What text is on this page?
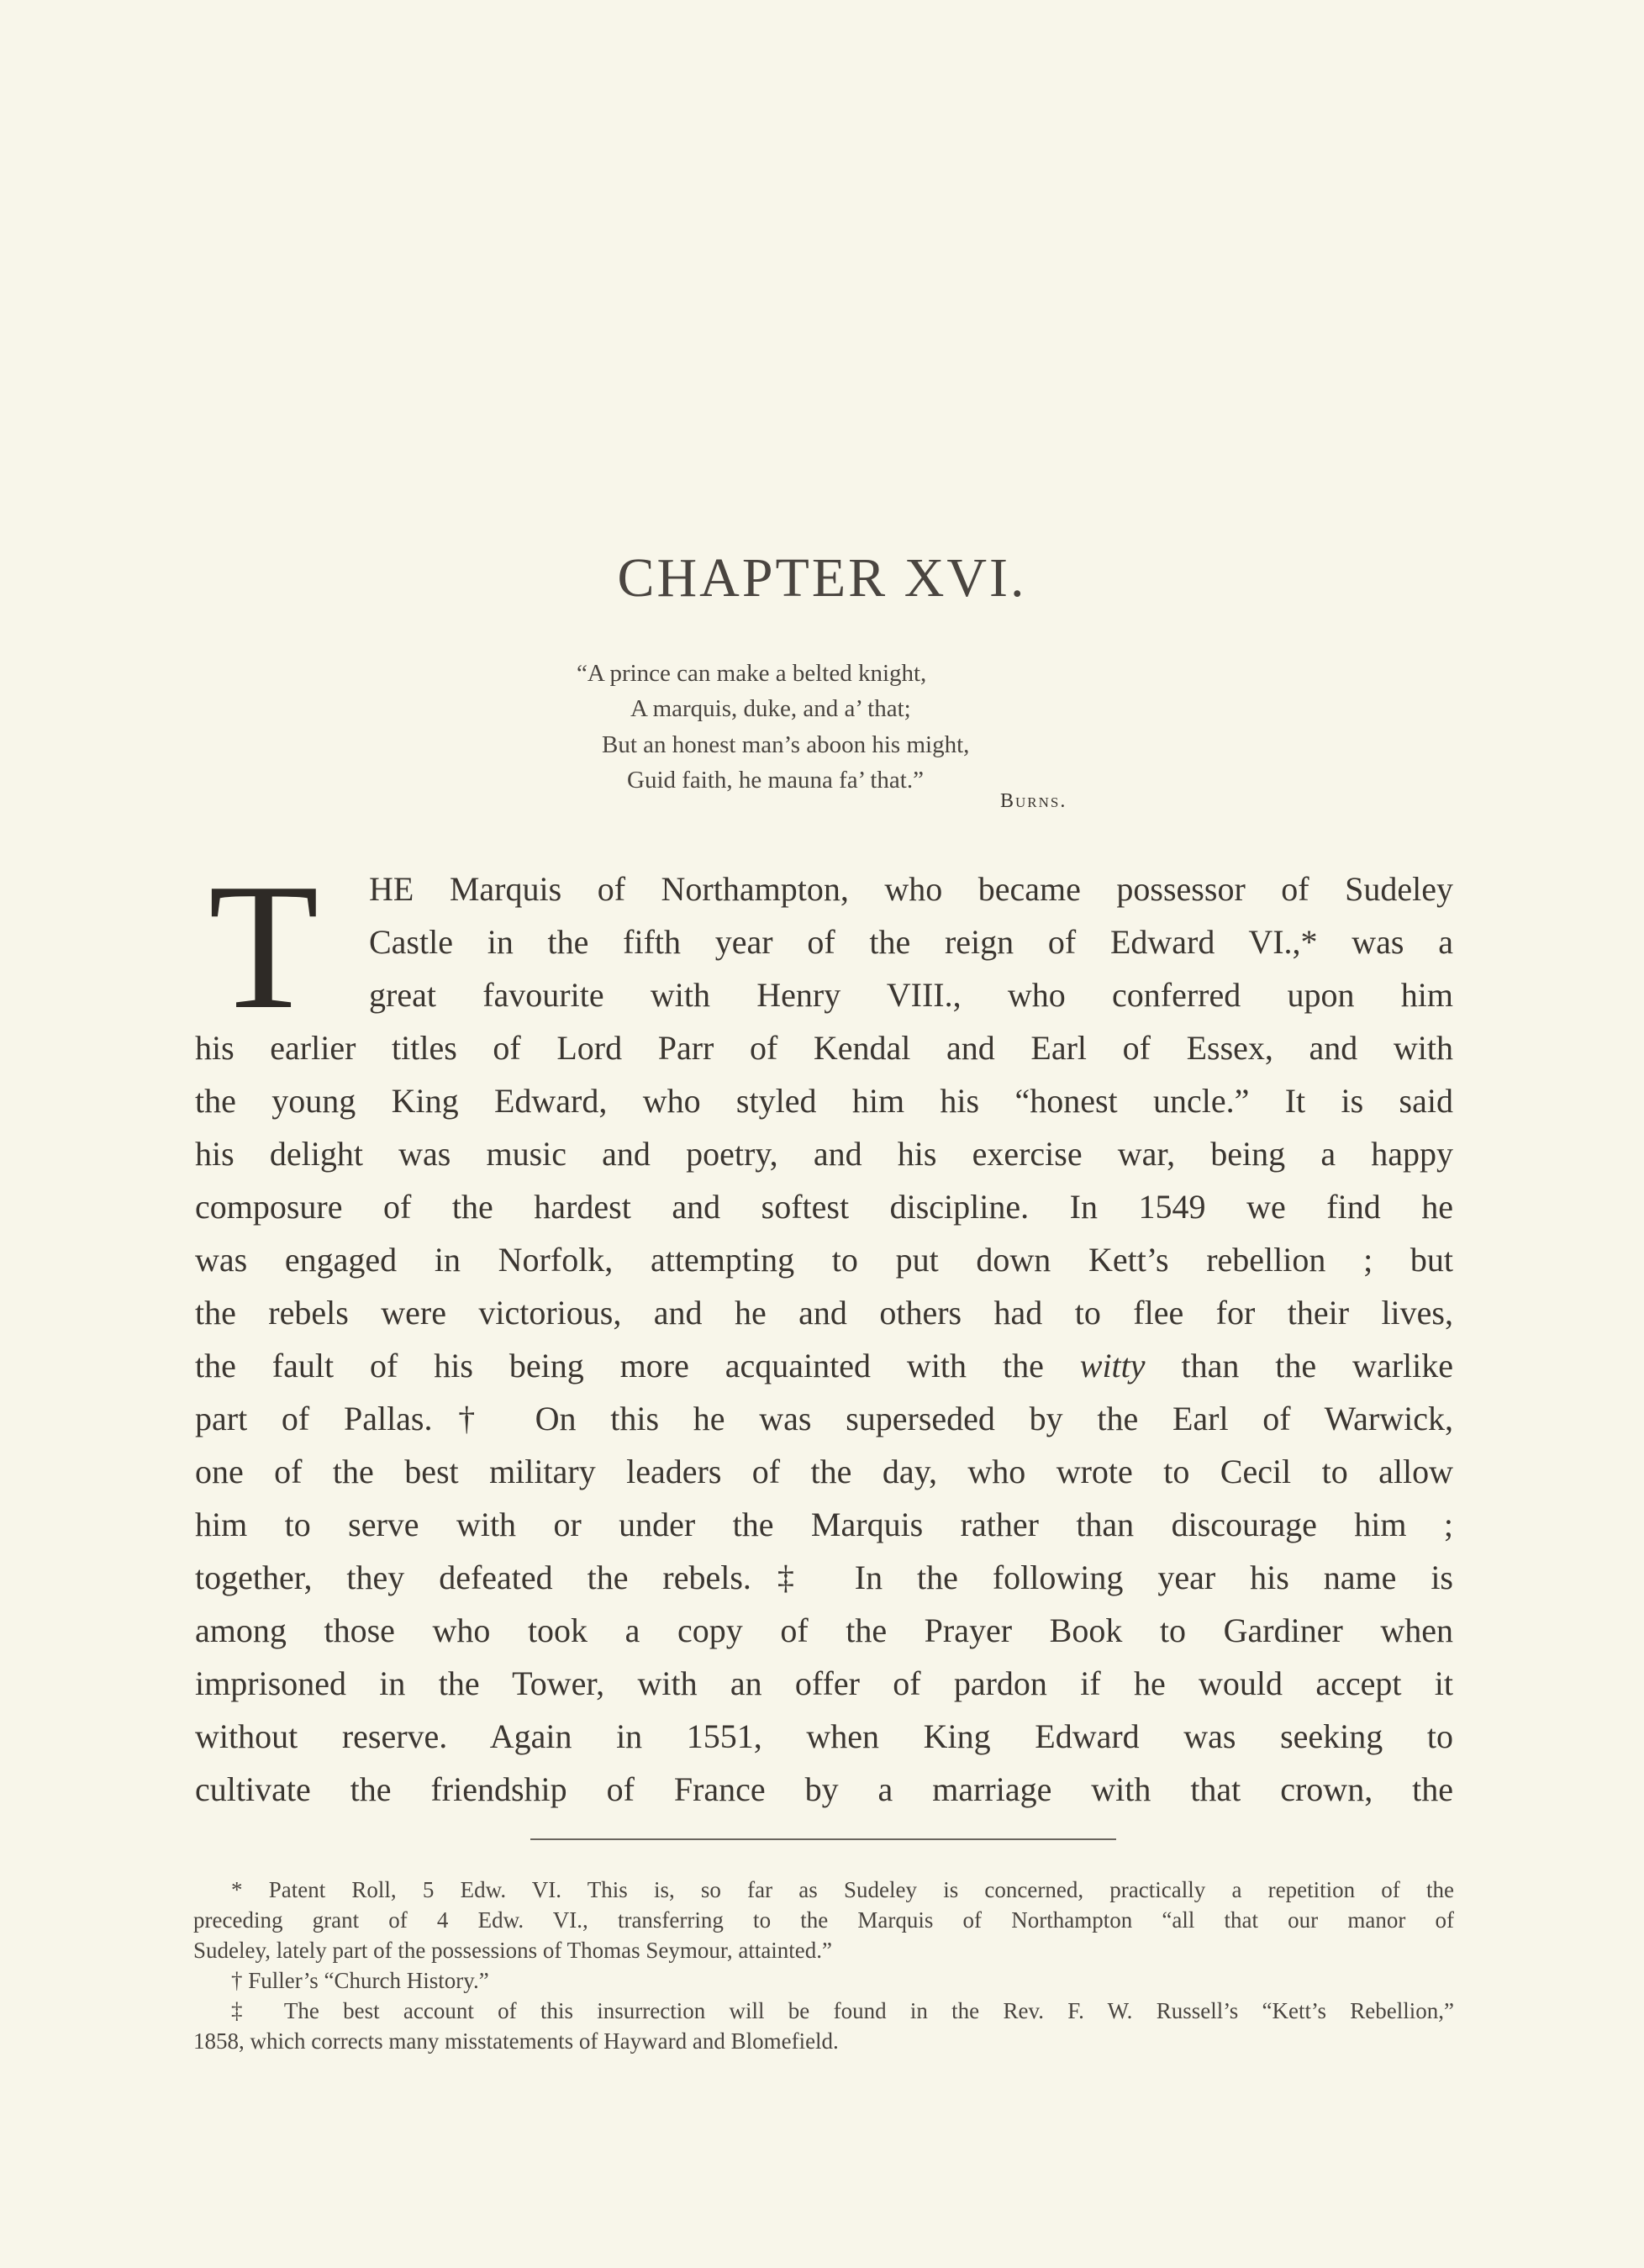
CHAPTER XVI.
“A prince can make a belted knight,
A marquis, duke, and a’ that;
But an honest man’s aboon his might,
Guid faith, he mauna fa’ that.”
Burns.
T HE Marquis of Northampton, who became possessor of Sudeley
Castle in the fifth year of the reign of Edward VI.,* was a
great favourite with Henry VIII., who conferred upon him
his earlier titles of Lord Parr of Kendal and Earl of Essex, and with
the young King Edward, who styled him his “honest uncle.” It is said
his delight was music and poetry, and his exercise war, being a happy
composure of the hardest and softest discipline. In 1549 we find he
was engaged in Norfolk, attempting to put down Kett’s rebellion ; but
the rebels were victorious, and he and others had to flee for their lives,
the fault of his being more acquainted with the witty than the warlike
part of Pallas.† On this he was superseded by the Earl of Warwick,
one of the best military leaders of the day, who wrote to Cecil to allow
him to serve with or under the Marquis rather than discourage him ;
together, they defeated the rebels.‡ In the following year his name is
among those who took a copy of the Prayer Book to Gardiner when
imprisoned in the Tower, with an offer of pardon if he would accept it
without reserve. Again in 1551, when King Edward was seeking to
cultivate the friendship of France by a marriage with that crown, the
* Patent Roll, 5 Edw. VI. This is, so far as Sudeley is concerned, practically a repetition of the
preceding grant of 4 Edw. VI., transferring to the Marquis of Northampton “all that our manor of
Sudeley, lately part of the possessions of Thomas Seymour, attainted.”
† Fuller’s “Church History.”
‡ The best account of this insurrection will be found in the Rev. F. W. Russell’s “Kett’s Rebellion,”
1858, which corrects many misstatements of Hayward and Blomefield.
